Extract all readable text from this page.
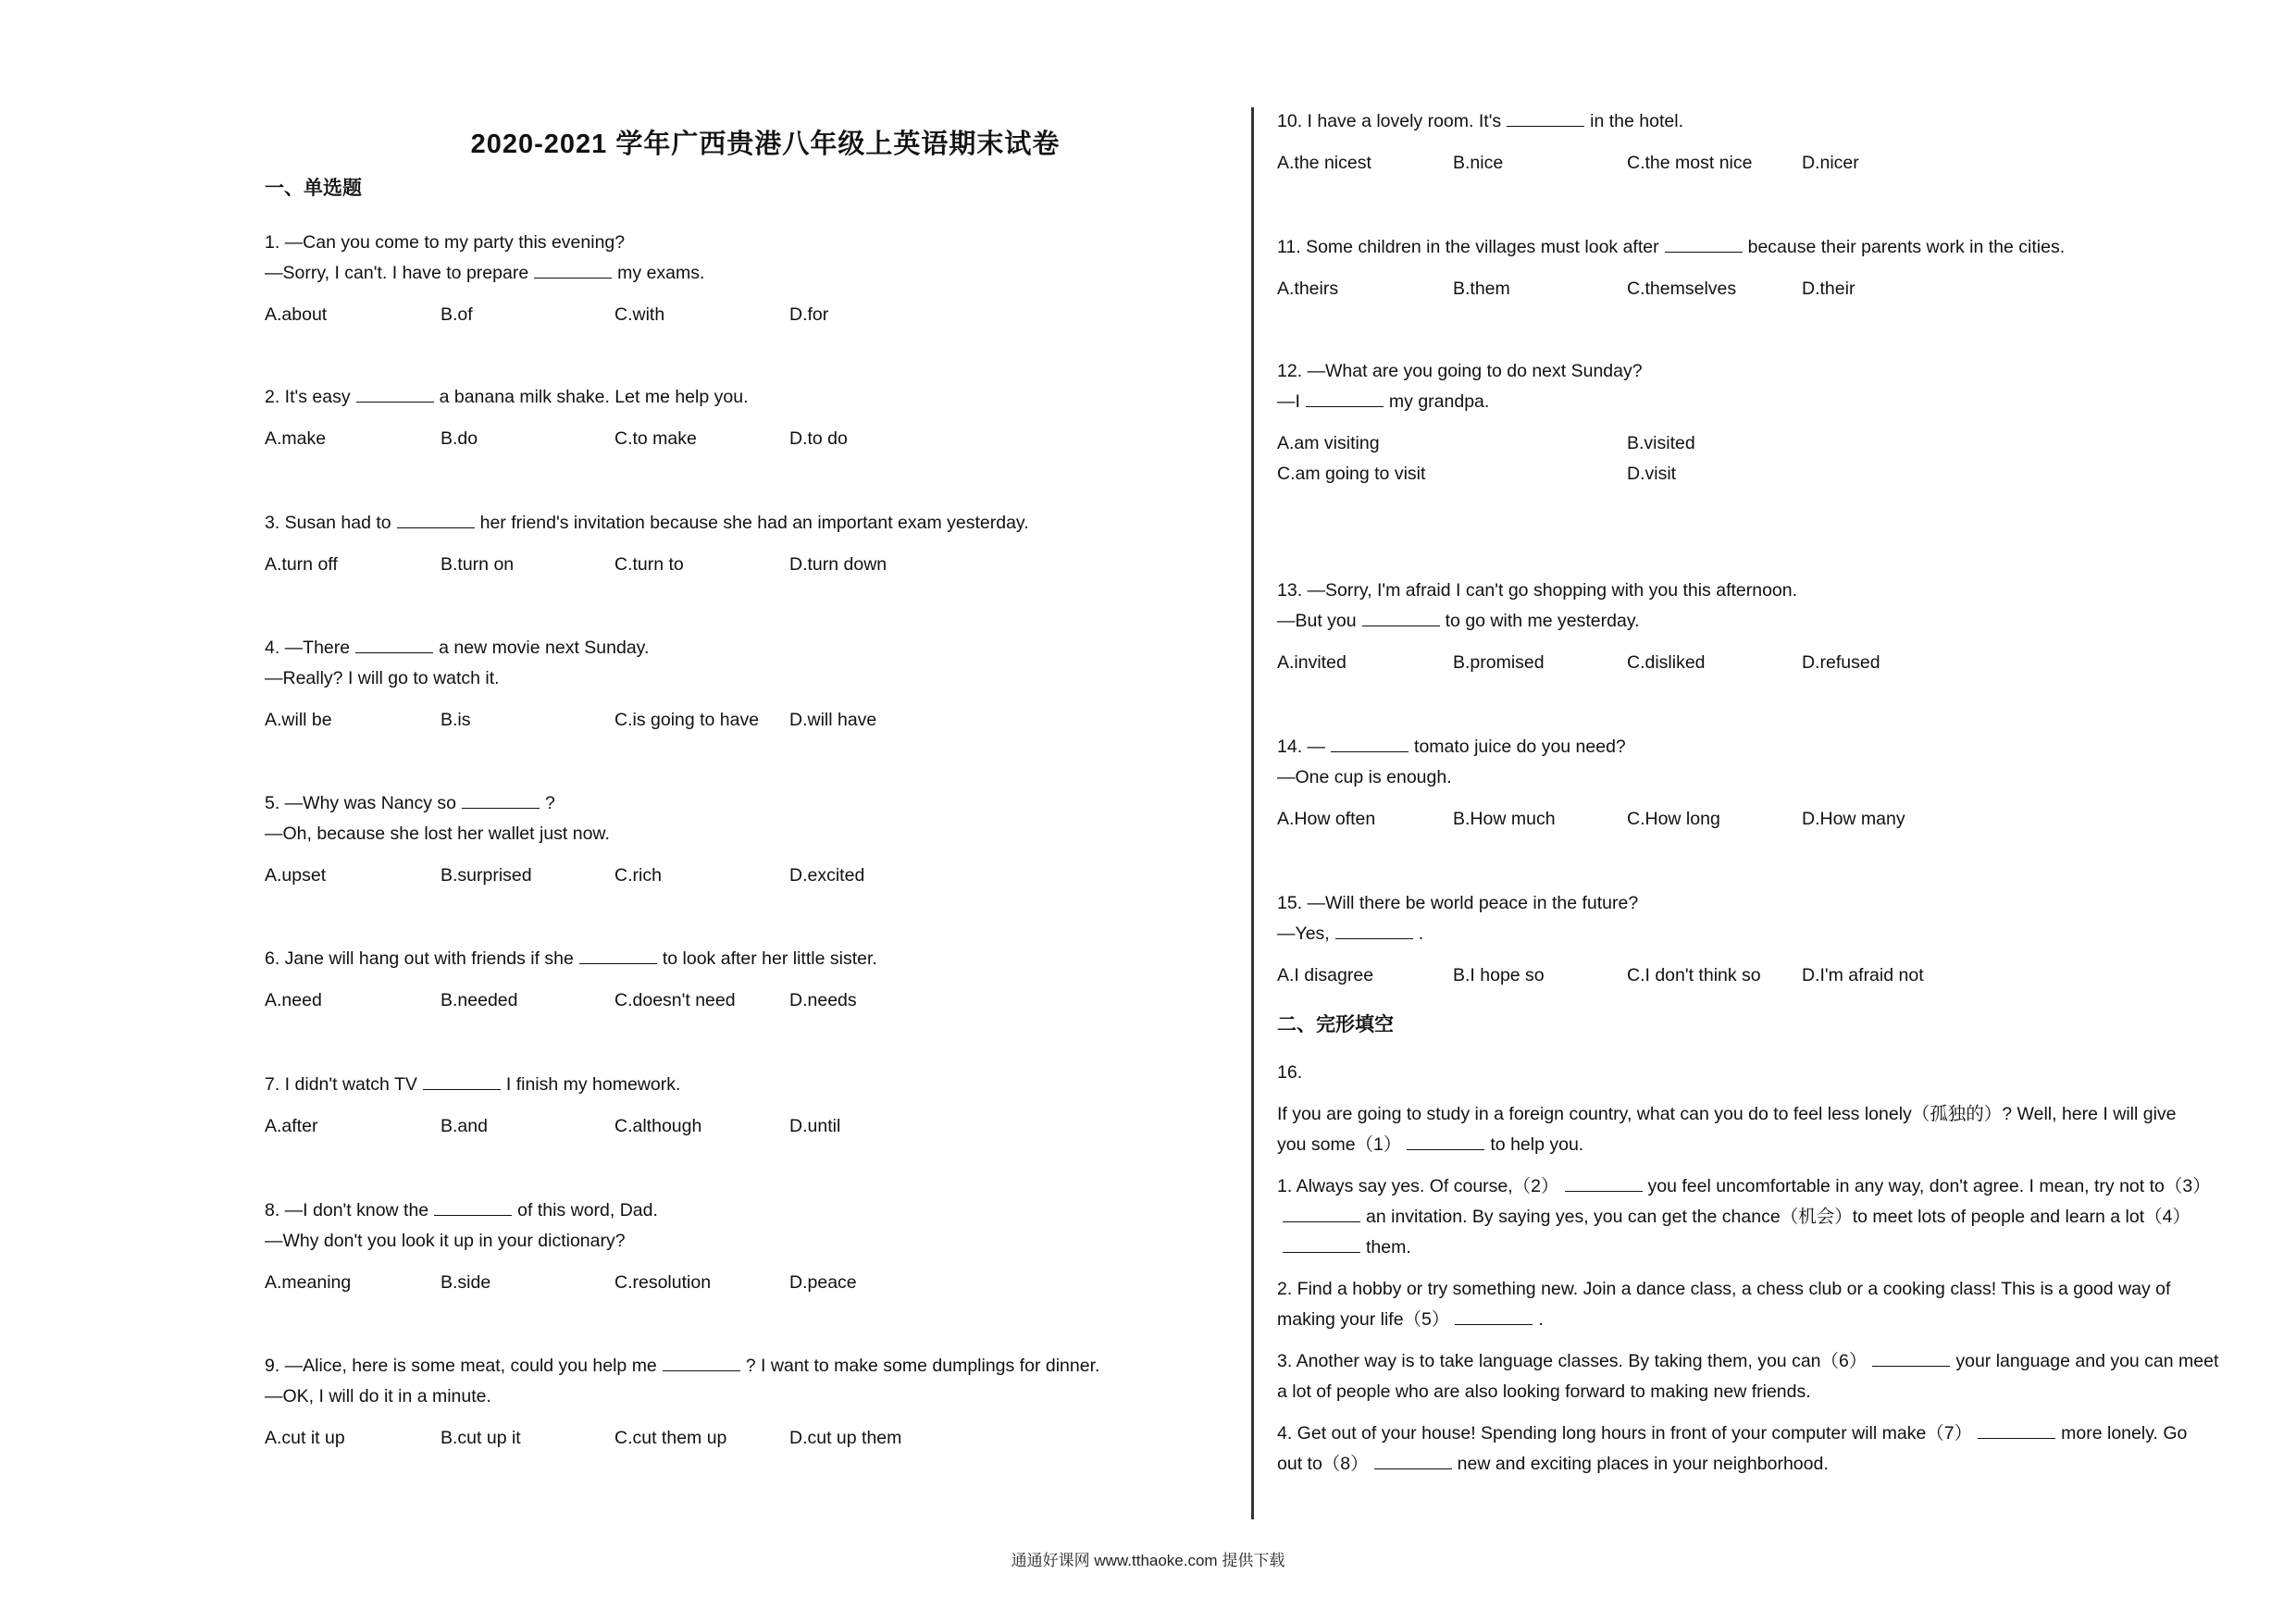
2020-2021 学年广西贵港八年级上英语期末试卷
一、单选题
1. —Can you come to my party this evening?
—Sorry, I can't. I have to prepare	my exams.
A.about	B.of	C.with	D.for
2. It's easy	a banana milk shake. Let me help you.
A.make	B.do	C.to make	D.to do
3. Susan had to	her friend's invitation because she had an important exam yesterday.
A.turn off	B.turn on	C.turn to	D.turn down
4. —There	a new movie next Sunday.
—Really? I will go to watch it.
A.will be	B.is	C.is going to have D.will have
5. —Why was Nancy so	?
—Oh, because she lost her wallet just now.
A.upset	B.surprised	C.rich	D.excited
6. Jane will hang out with friends if she	to look after her little sister.
A.need	B.needed	C.doesn't need	D.needs
7. I didn't watch TV	I finish my homework.
A.after	B.and	C.although	D.until
8. —I don't know the	of this word, Dad.
—Why don't you look it up in your dictionary?
A.meaning	B.side	C.resolution	D.peace
9. —Alice, here is some meat, could you help me	? I want to make some dumplings for dinner.
—OK, I will do it in a minute.
A.cut it up	B.cut up it	C.cut them up	D.cut up them
10. I have a lovely room. It's	in the hotel.
A.the nicest	B.nice	C.the most nice	D.nicer
11. Some children in the villages must look after	because their parents work in the cities.
A.theirs	B.them	C.themselves	D.their
12. —What are you going to do next Sunday?
—I	my grandpa.
A.am visiting	B.visited
C.am going to visit	D.visit
13. —Sorry, I'm afraid I can't go shopping with you this afternoon.
—But you	to go with me yesterday.
A.invited	B.promised	C.disliked	D.refused
14. —	tomato juice do you need?
—One cup is enough.
A.How often	B.How much	C.How long	D.How many
15. —Will there be world peace in the future?
—Yes,	.
A.I disagree	B.I hope so	C.I don't think so D.I'm afraid not
二、完形填空
16.
If you are going to study in a foreign country, what can you do to feel less lonely（孤独的）? Well, here I will give
you some（1）	to help you.
1. Always say yes. Of course,（2）	you feel uncomfortable in any way, don't agree. I mean, try not to（3）
an invitation. By saying yes, you can get the chance（机会）to meet lots of people and learn a lot（4）
them.
2. Find a hobby or try something new. Join a dance class, a chess club or a cooking class! This is a good way of
making your life（5）	.
3. Another way is to take language classes. By taking them, you can（6）	your language and you can meet
a lot of people who are also looking forward to making new friends.
4. Get out of your house! Spending long hours in front of your computer will make（7）	more lonely. Go
out to（8）	new and exciting places in your neighborhood.
通通好课网 www.tthaoke.com 提供下载
